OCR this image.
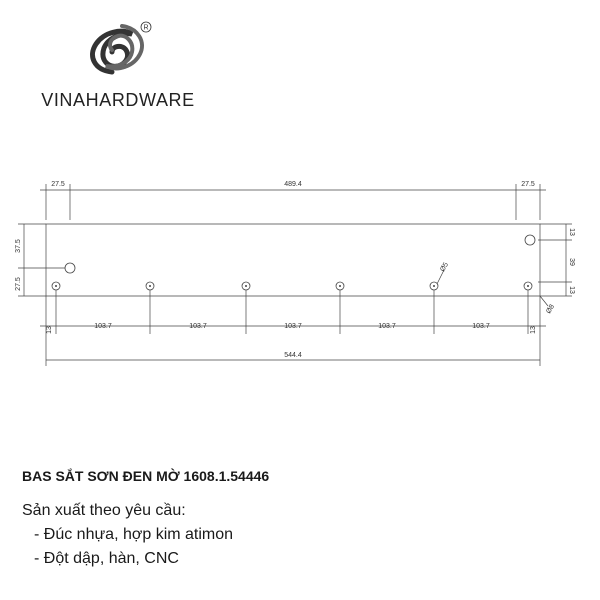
R
VINAHARDWARE
27.5	489.4	27.5
37.5
27.5
13
39
13
13	103.7	103.7	103.7	103.7	103.7	13
544.4
Ø5
Ø8

BAS SẮT SƠN ĐEN MỜ 1608.1.54446

Sản xuất theo yêu cầu:

- Đúc nhựa, hợp kim atimon

- Đột dập, hàn, CNC
